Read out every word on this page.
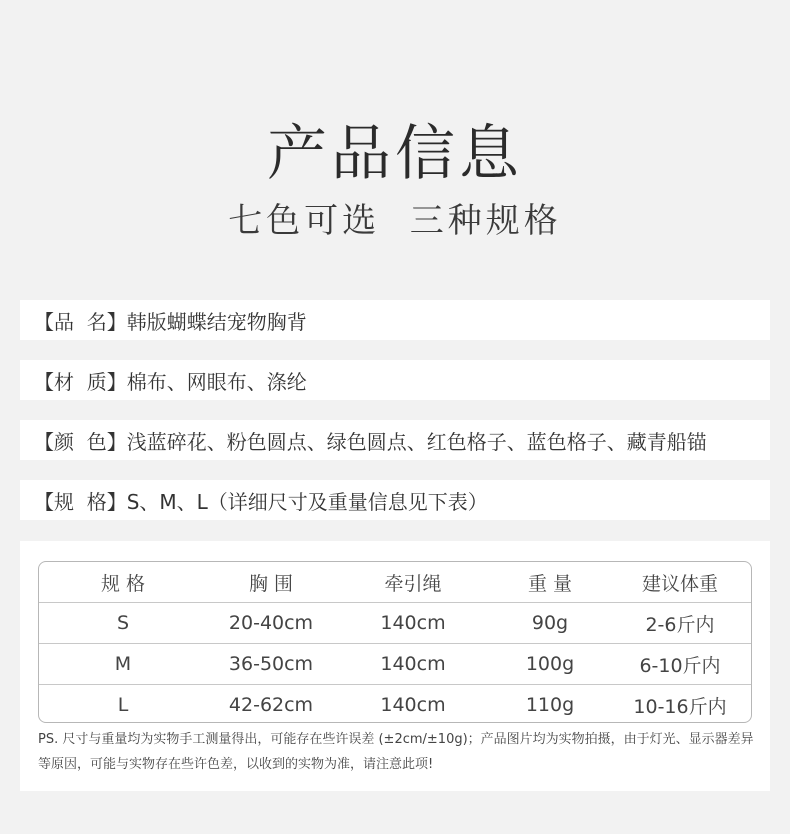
产品信息
七色可选  三种规格
【品  名】 韩版蝴蝶结宠物胸背
【材  质】 棉布、网眼布、涤纶
【颜  色】 浅蓝碎花、粉色圆点、绿色圆点、红色格子、蓝色格子、藏青船锚
【规  格】 S、M、L（详细尺寸及重量信息见下表）
规 格	胸 围	牵引绳	重 量	建议体重
S	20-40cm	140cm	90g	2-6斤内
M	36-50cm	140cm	100g	6-10斤内
L	42-62cm	140cm	110g	10-16斤内
PS. 尺寸与重量均为实物手工测量得出，可能存在些许误差 (±2cm/±10g)；产品图片均为实物拍摄，由于灯光、显示器差异等原因，可能与实物存在些许色差，以收到的实物为准，请注意此项!
